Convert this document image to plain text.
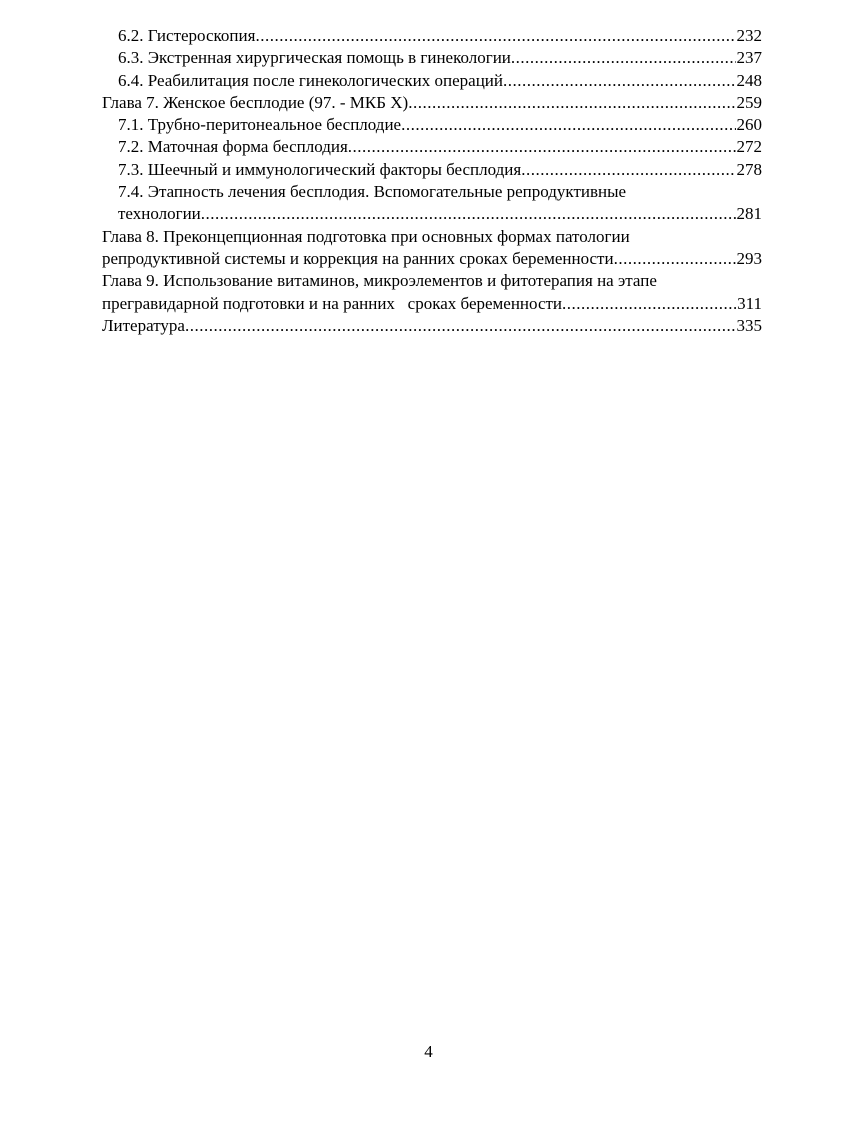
6.2. Гистероскопия .....	232
6.3. Экстренная хирургическая помощь в гинекологии .....	237
6.4. Реабилитация после гинекологических операций .....	248
Глава 7. Женское бесплодие (97. - МКБ X) .....	259
7.1. Трубно-перитонеальное бесплодие .....	260
7.2. Маточная форма бесплодия .....	272
7.3. Шеечный и иммунологический факторы бесплодия .....	278
7.4. Этапность лечения бесплодия. Вспомогательные репродуктивные
технологии .....	281
Глава 8. Преконцепционная подготовка при основных формах патологии
репродуктивной системы и коррекция на ранних сроках беременности .....	293
Глава 9. Использование витаминов, микроэлементов и фитотерапия на этапе
прегравидарной подготовки и на ранних   сроках беременности .....	311
Литература .....	335
4
